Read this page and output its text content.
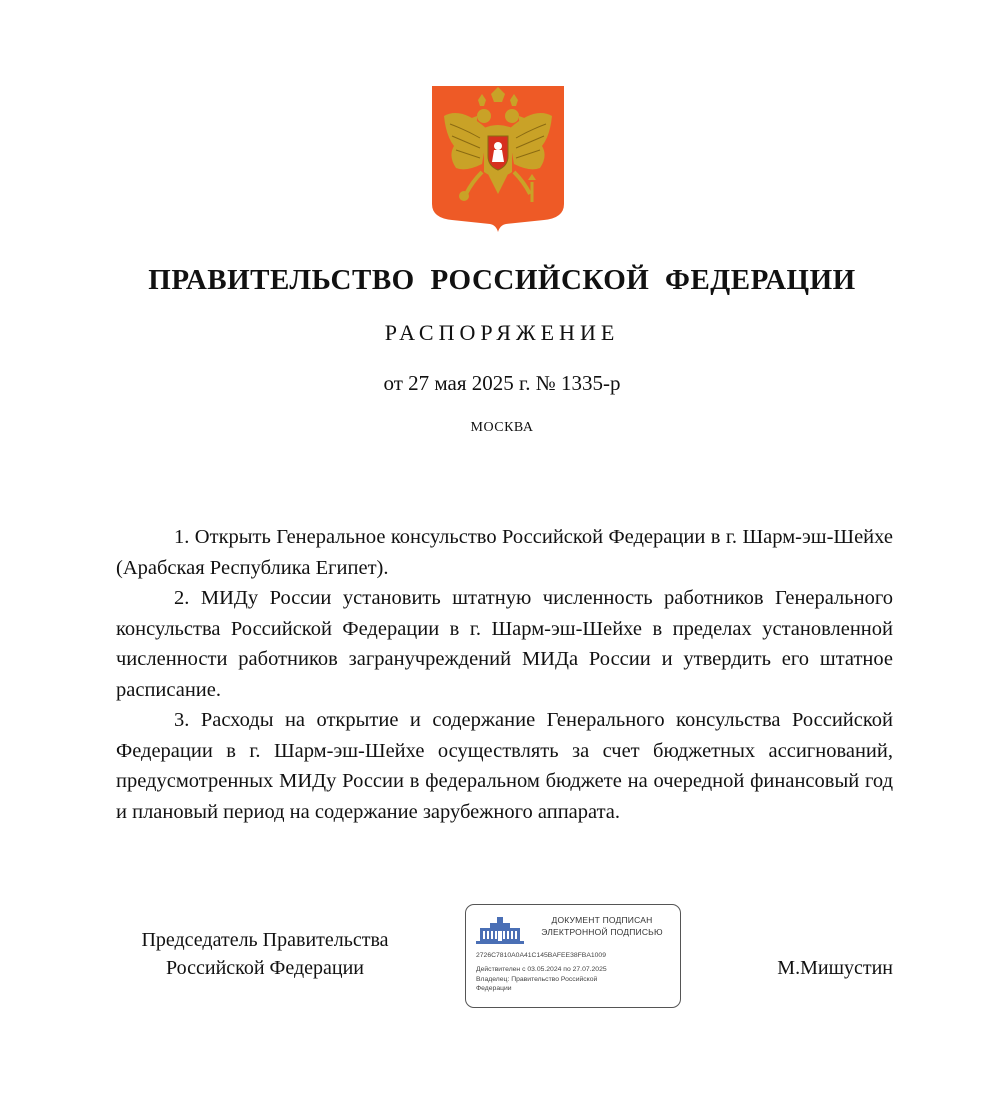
ПРАВИТЕЛЬСТВО РОССИЙСКОЙ ФЕДЕРАЦИИ
РАСПОРЯЖЕНИЕ
от 27 мая 2025 г. № 1335-р
МОСКВА

1. Открыть Генеральное консульство Российской Федерации в г. Шарм-эш-Шейхе (Арабская Республика Египет).

2. МИДу России установить штатную численность работников Генерального консульства Российской Федерации в г. Шарм-эш-Шейхе в пределах установленной численности работников загранучреждений МИДа России и утвердить его штатное расписание.

3. Расходы на открытие и содержание Генерального консульства Российской Федерации в г. Шарм-эш-Шейхе осуществлять за счет бюджетных ассигнований, предусмотренных МИДу России в федеральном бюджете на очередной финансовый год и плановый период на содержание зарубежного аппарата.

Председатель Правительства
Российской Федерации
ДОКУМЕНТ ПОДПИСАН
ЭЛЕКТРОННОЙ ПОДПИСЬЮ
2726C7810A0A41C145BAFEE38FBA1009
Действителен с 03.05.2024 по 27.07.2025
Владелец: Правительство Российской
Федерации
М.Мишустин
